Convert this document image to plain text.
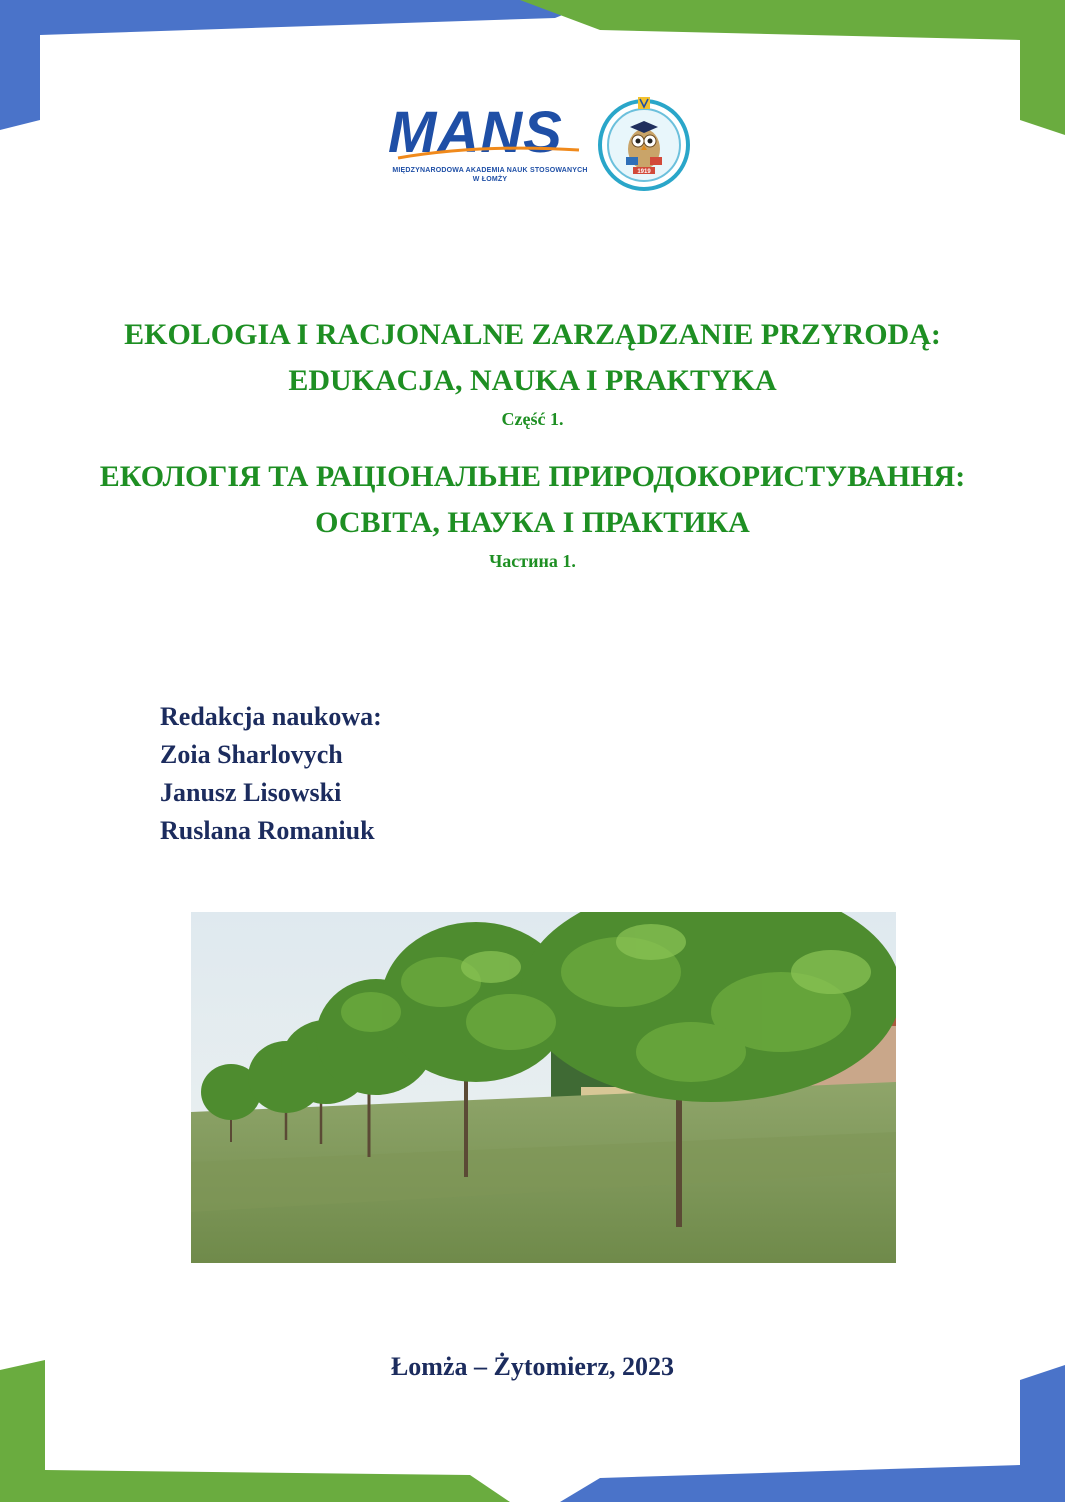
MANS
MIĘDZYNARODOWA AKADEMIA NAUK STOSOWANYCH
W ŁOMŻY
1919
EKOLOGIA I RACJONALNE ZARZĄDZANIE PRZYRODĄ:
EDUKACJA, NAUKA I PRAKTYKA
Część 1.
ЕКОЛОГІЯ ТА РАЦІОНАЛЬНЕ ПРИРОДОКОРИСТУВАННЯ:
ОСВІТА, НАУКА І ПРАКТИКА
Частина 1.
Redakcja naukowa:
Zoia Sharlovych
Janusz Lisowski
Ruslana Romaniuk
Łomża – Żytomierz, 2023
